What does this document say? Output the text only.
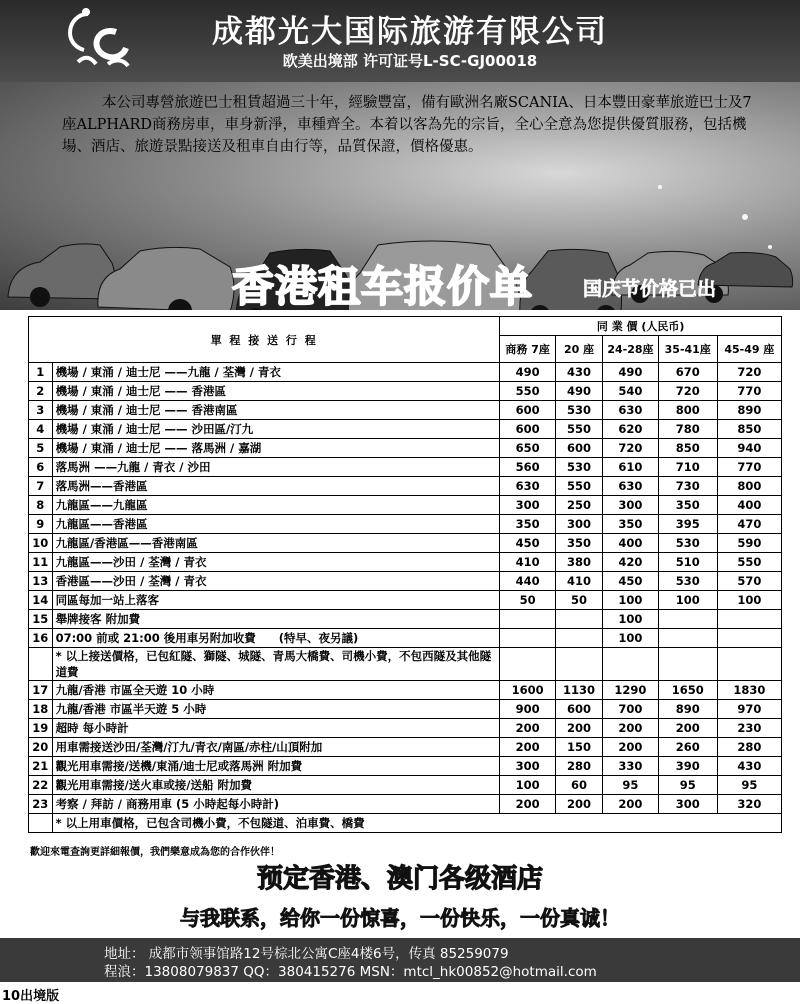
成都光大国际旅游有限公司
欧美出境部 许可证号L-SC-GJ00018
本公司專營旅遊巴士租賃超過三十年，經驗豐富，備有歐洲名廠SCANIA、日本豐田豪華旅遊巴士及7座ALPHARD商務房車，車身新淨，車種齊全。本着以客為先的宗旨，全心全意為您提供優質服務，包括機場、酒店、旅遊景點接送及租車自由行等，品質保證，價格優惠。
香港租车报价单	国庆节价格已出
單 程 接 送 行 程		同 業 價 (人民币)				
		商務 7座	20 座	24-28座	35-41座	45-49 座
1	機場 / 東涌 / 迪士尼 ——九龍 / 荃灣 / 青衣	490	430	490	670	720
2	機場 / 東涌 / 迪士尼 —— 香港區	550	490	540	720	770
3	機場 / 東涌 / 迪士尼 —— 香港南區	600	530	630	800	890
4	機場 / 東涌 / 迪士尼 —— 沙田區/汀九	600	550	620	780	850
5	機場 / 東涌 / 迪士尼 —— 落馬洲 / 嘉湖	650	600	720	850	940
6	落馬洲 ——九龍 / 青衣 / 沙田	560	530	610	710	770
7	落馬洲——香港區	630	550	630	730	800
8	九龍區——九龍區	300	250	300	350	400
9	九龍區——香港區	350	300	350	395	470
10	九龍區/香港區——香港南區	450	350	400	530	590
11	九龍區——沙田 / 荃灣 / 青衣	410	380	420	510	550
13	香港區——沙田 / 荃灣 / 青衣	440	410	450	530	570
14	同區每加一站上落客	50	50	100	100	100
15	舉牌接客 附加費			100		
16	07:00 前或 21:00 後用車另附加收費　　(特早、夜另議)			100		
	* 以上接送價格，已包紅隧、獅隧、城隧、青馬大橋費、司機小費，不包西隧及其他隧道費					
17	九龍/香港 市區全天遊 10 小時	1600	1130	1290	1650	1830
18	九龍/香港 市區半天遊 5 小時	900	600	700	890	970
19	超時 每小時計	200	200	200	200	230
20	用車需接送沙田/荃灣/汀九/青衣/南區/赤柱/山頂附加	200	150	200	260	280
21	觀光用車需接/送機/東涌/迪士尼或落馬洲 附加費	300	280	330	390	430
22	觀光用車需接/送火車或接/送船 附加費	100	60	95	95	95
23	考察 / 拜訪 / 商務用車 (5 小時起每小時計)	200	200	200	300	320
	* 以上用車價格，已包含司機小費，不包隧道、泊車費、橋費					
歡迎來電查詢更詳細報價，我們樂意成為您的合作伙伴！
预定香港、澳门各级酒店
与我联系，给你一份惊喜，一份快乐，一份真诚！
地址： 成都市领事馆路12号棕北公寓C座4楼6号，传真 85259079
程浪：13808079837 QQ：380415276 MSN：mtcl_hk00852@hotmail.com
10出境版
